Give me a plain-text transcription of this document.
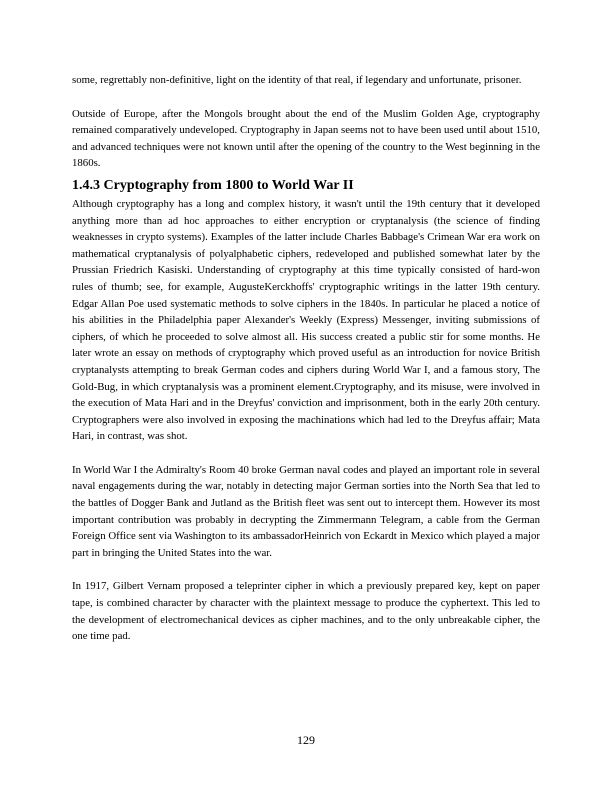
some, regrettably non-definitive, light on the identity of that real, if legendary and unfortunate, prisoner.

Outside of Europe, after the Mongols brought about the end of the Muslim Golden Age, cryptography remained comparatively undeveloped. Cryptography in Japan seems not to have been used until about 1510, and advanced techniques were not known until after the opening of the country to the West beginning in the 1860s.

1.4.3 Cryptography from 1800 to World War II

Although cryptography has a long and complex history, it wasn't until the 19th century that it developed anything more than ad hoc approaches to either encryption or cryptanalysis (the science of finding weaknesses in crypto systems). Examples of the latter include Charles Babbage's Crimean War era work on mathematical cryptanalysis of polyalphabetic ciphers, redeveloped and published somewhat later by the Prussian Friedrich Kasiski. Understanding of cryptography at this time typically consisted of hard-won rules of thumb; see, for example, AugusteKerckhoffs' cryptographic writings in the latter 19th century. Edgar Allan Poe used systematic methods to solve ciphers in the 1840s. In particular he placed a notice of his abilities in the Philadelphia paper Alexander's Weekly (Express) Messenger, inviting submissions of ciphers, of which he proceeded to solve almost all. His success created a public stir for some months. He later wrote an essay on methods of cryptography which proved useful as an introduction for novice British cryptanalysts attempting to break German codes and ciphers during World War I, and a famous story, The Gold-Bug, in which cryptanalysis was a prominent element.Cryptography, and its misuse, were involved in the execution of Mata Hari and in the Dreyfus' conviction and imprisonment, both in the early 20th century. Cryptographers were also involved in exposing the machinations which had led to the Dreyfus affair; Mata Hari, in contrast, was shot.

In World War I the Admiralty's Room 40 broke German naval codes and played an important role in several naval engagements during the war, notably in detecting major German sorties into the North Sea that led to the battles of Dogger Bank and Jutland as the British fleet was sent out to intercept them. However its most important contribution was probably in decrypting the Zimmermann Telegram, a cable from the German Foreign Office sent via Washington to its ambassadorHeinrich von Eckardt in Mexico which played a major part in bringing the United States into the war.

In 1917, Gilbert Vernam proposed a teleprinter cipher in which a previously prepared key, kept on paper tape, is combined character by character with the plaintext message to produce the cyphertext. This led to the development of electromechanical devices as cipher machines, and to the only unbreakable cipher, the one time pad.

129
